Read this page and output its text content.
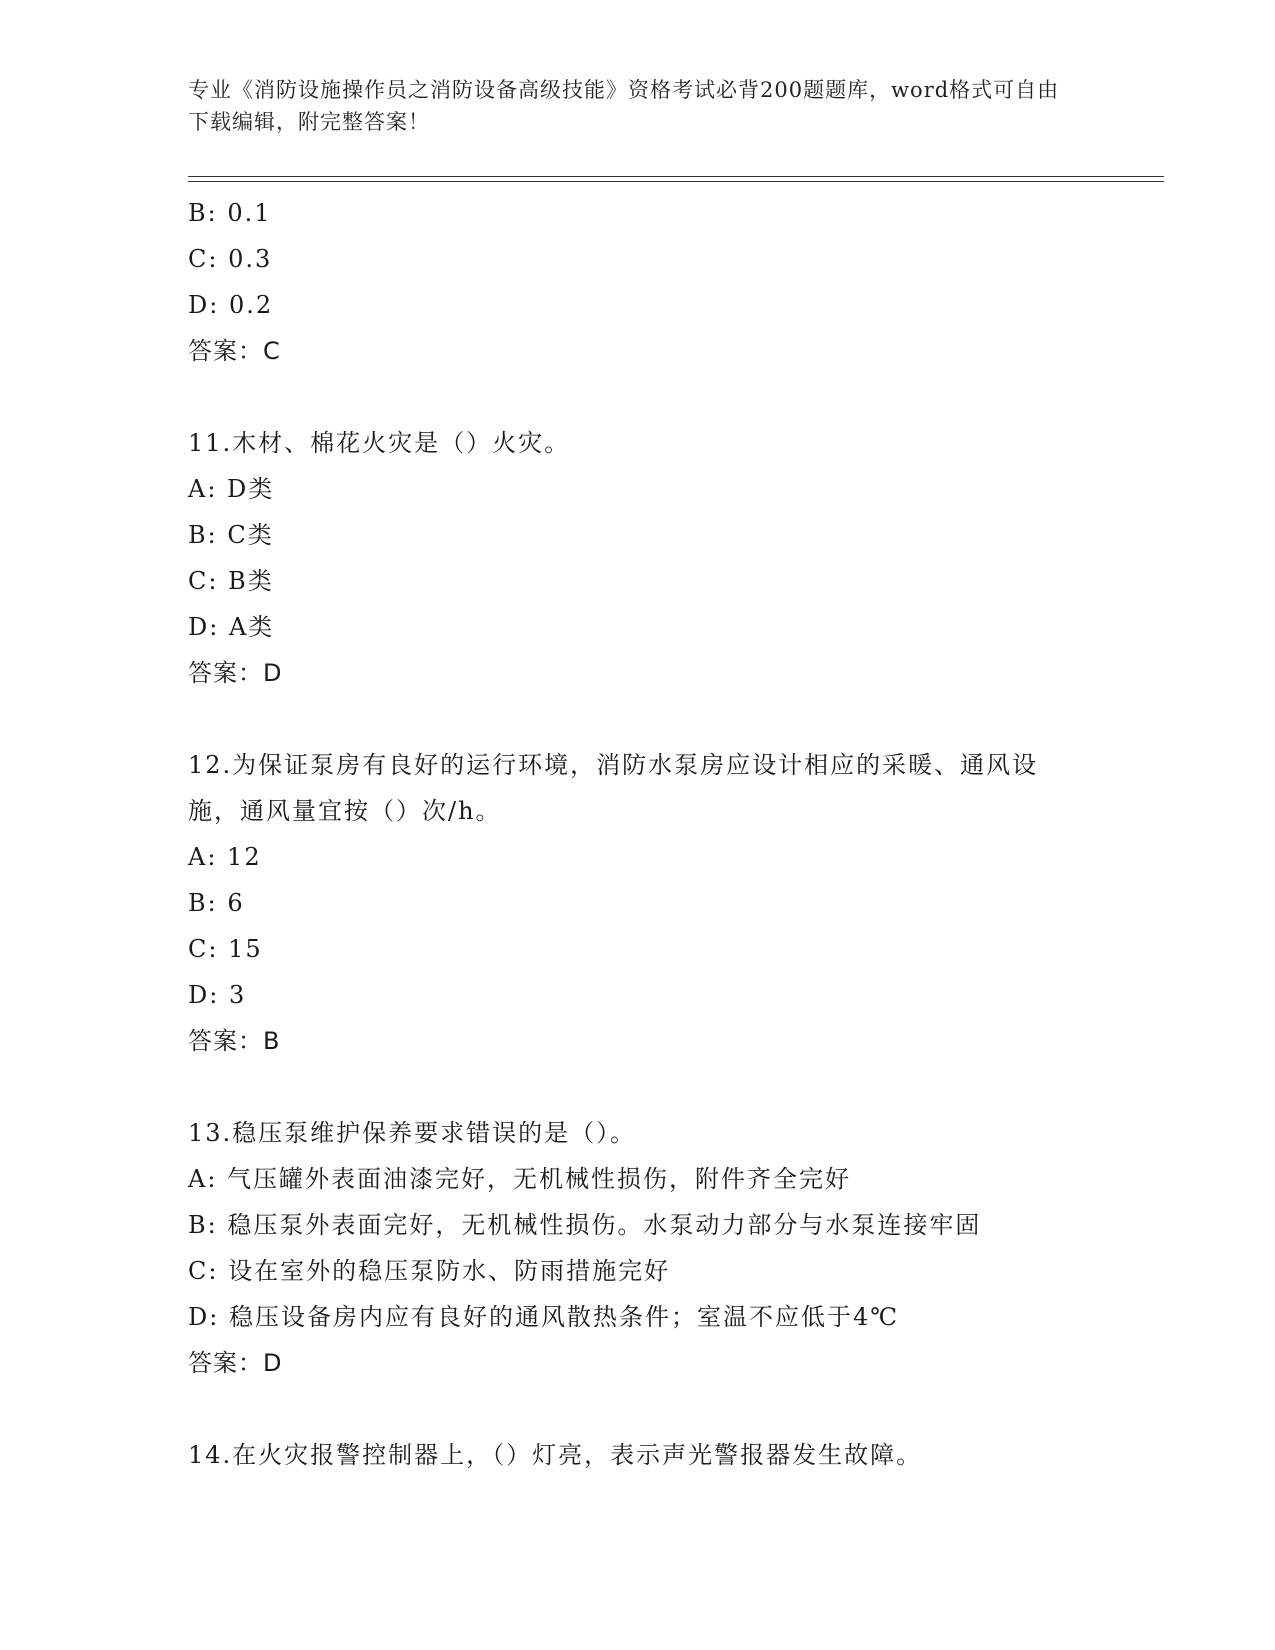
专业《消防设施操作员之消防设备高级技能》资格考试必背200题题库，word格式可自由下载编辑，附完整答案！
B: 0.1
C: 0.3
D: 0.2
答案：C
11.木材、棉花火灾是（）火灾。
A: D类
B: C类
C: B类
D: A类
答案：D
12.为保证泵房有良好的运行环境，消防水泵房应设计相应的采暖、通风设施，通风量宜按（）次/h。
A: 12
B: 6
C: 15
D: 3
答案：B
13.稳压泵维护保养要求错误的是（）。
A: 气压罐外表面油漆完好，无机械性损伤，附件齐全完好
B: 稳压泵外表面完好，无机械性损伤。水泵动力部分与水泵连接牢固
C: 设在室外的稳压泵防水、防雨措施完好
D: 稳压设备房内应有良好的通风散热条件；室温不应低于4℃
答案：D
14.在火灾报警控制器上，（）灯亮，表示声光警报器发生故障。
